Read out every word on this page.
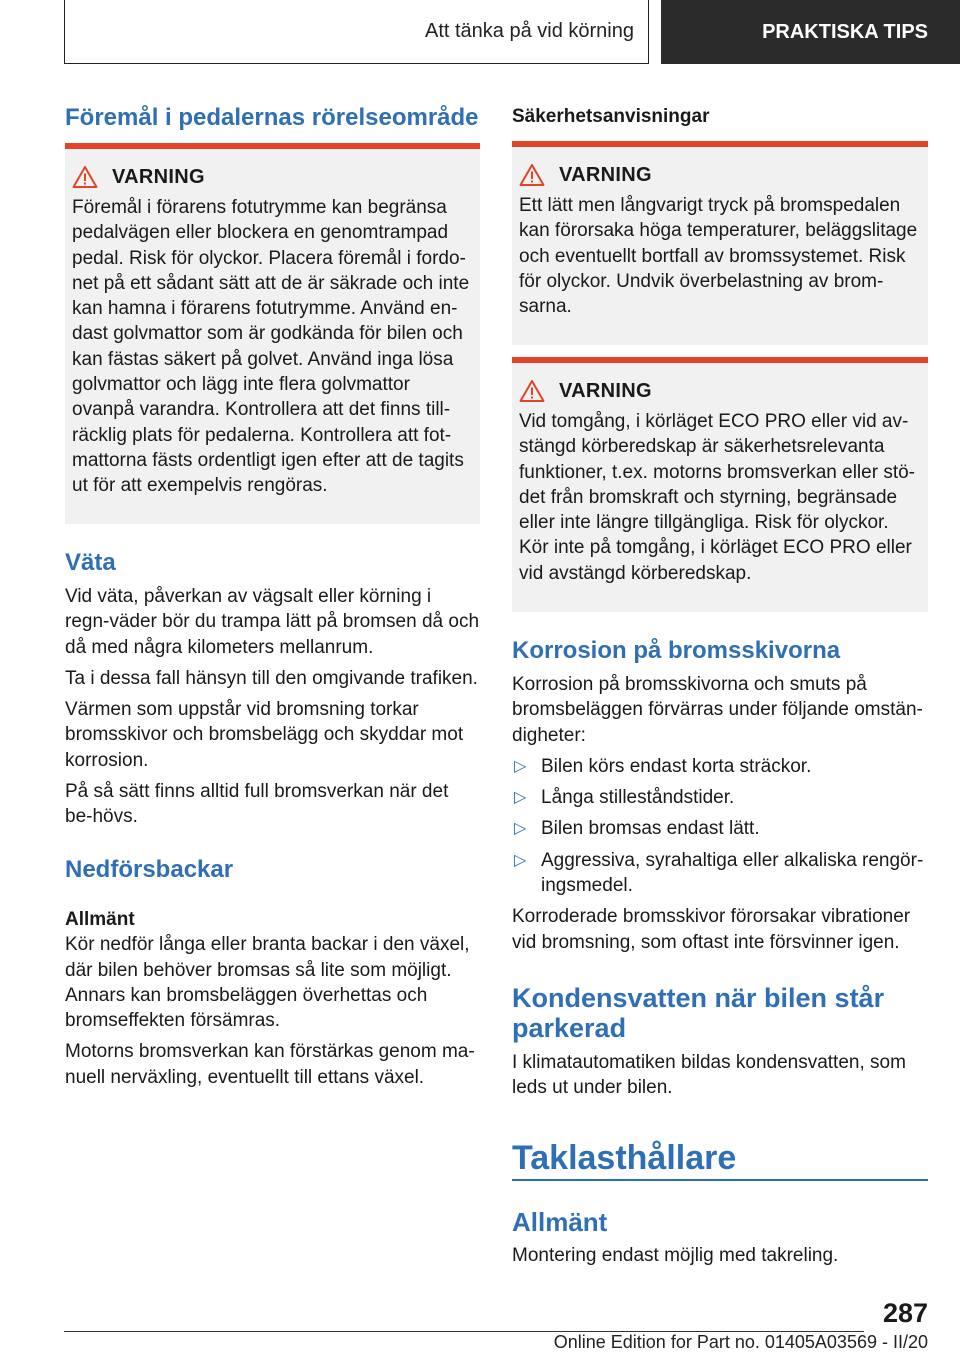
Att tänka på vid körning	PRAKTISKA TIPS
Föremål i pedalernas rörelseområde
VARNING

Föremål i förarens fotutrymme kan begränsa pedalvägen eller blockera en genomtrampad pedal. Risk för olyckor. Placera föremål i fordo-net på ett sådant sätt att de är säkrade och inte kan hamna i förarens fotutrymme. Använd en-dast golvmattor som är godkända för bilen och kan fästas säkert på golvet. Använd inga lösa golvmattor och lägg inte flera golvmattor ovanpå varandra. Kontrollera att det finns till-räcklig plats för pedalerna. Kontrollera att fot-mattorna fästs ordentligt igen efter att de tagits ut för att exempelvis rengöras.

Väta

Vid väta, påverkan av vägsalt eller körning i regn-väder bör du trampa lätt på bromsen då och då med några kilometers mellanrum.

Ta i dessa fall hänsyn till den omgivande trafiken.

Värmen som uppstår vid bromsning torkar bromsskivor och bromsbelägg och skyddar mot korrosion.

På så sätt finns alltid full bromsverkan när det be-hövs.

Nedförsbackar

Allmänt

Kör nedför långa eller branta backar i den växel, där bilen behöver bromsas så lite som möjligt. Annars kan bromsbeläggen överhettas och bromseffekten försämras.

Motorns bromsverkan kan förstärkas genom ma-nuell nerväxling, eventuellt till ettans växel.

Säkerhetsanvisningar

VARNING

Ett lätt men långvarigt tryck på bromspedalen kan förorsaka höga temperaturer, beläggslitage och eventuellt bortfall av bromssystemet. Risk för olyckor. Undvik överbelastning av brom-sarna.

VARNING

Vid tomgång, i körläget ECO PRO eller vid av-stängd körberedskap är säkerhetsrelevanta funktioner, t.ex. motorns bromsverkan eller stö-det från bromskraft och styrning, begränsade eller inte längre tillgängliga. Risk för olyckor. Kör inte på tomgång, i körläget ECO PRO eller vid avstängd körberedskap.

Korrosion på bromsskivorna

Korrosion på bromsskivorna och smuts på bromsbeläggen förvärras under följande omstän-digheter:

▷ Bilen körs endast korta sträckor.
▷ Långa stilleståndstider.
▷ Bilen bromsas endast lätt.
▷ Aggressiva, syrahaltiga eller alkaliska rengör-ingsmedel.

Korroderade bromsskivor förorsakar vibrationer vid bromsning, som oftast inte försvinner igen.

Kondensvatten när bilen står parkerad

I klimatautomatiken bildas kondensvatten, som leds ut under bilen.

Taklasthållare
Allmänt

Montering endast möjlig med takreling.

287
Online Edition for Part no. 01405A03569 - II/20
